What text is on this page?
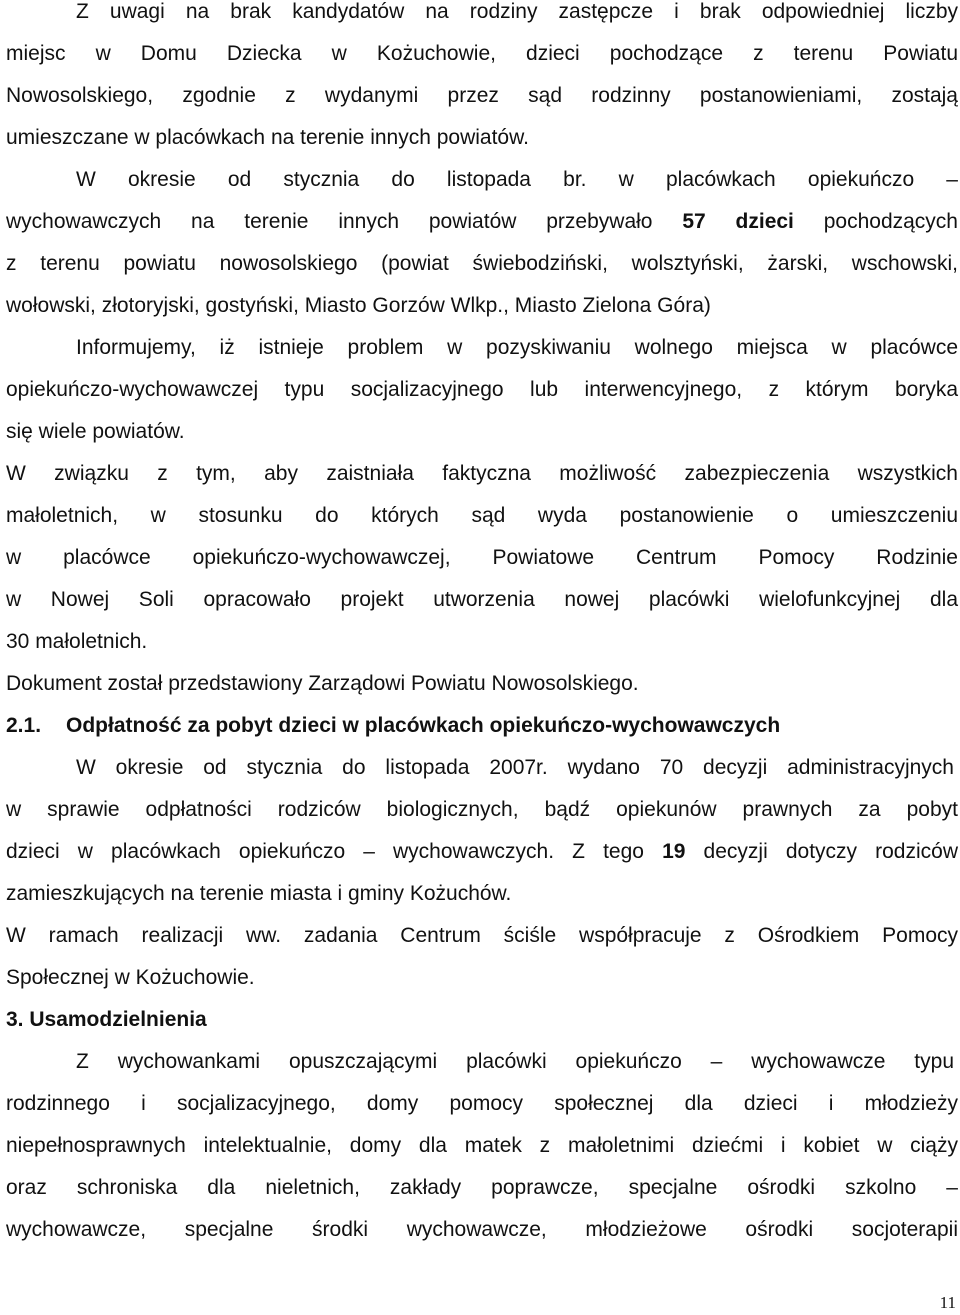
Z uwagi na brak kandydatów na rodziny zastępcze i brak odpowiedniej liczby
miejsc w Domu Dziecka w Kożuchowie, dzieci pochodzące z terenu Powiatu
Nowosolskiego, zgodnie z wydanymi przez sąd rodzinny postanowieniami, zostają
umieszczane w placówkach na terenie innych powiatów.
W okresie od stycznia do listopada br. w placówkach opiekuńczo –
wychowawczych na terenie innych powiatów przebywało 57 dzieci pochodzących
z terenu powiatu nowosolskiego (powiat świebodziński, wolsztyński, żarski, wschowski,
wołowski, złotoryjski, gostyński, Miasto Gorzów Wlkp., Miasto Zielona Góra)
Informujemy, iż istnieje problem w pozyskiwaniu wolnego miejsca w placówce
opiekuńczo-wychowawczej typu socjalizacyjnego lub interwencyjnego, z którym boryka
się wiele powiatów.
W związku z tym, aby zaistniała faktyczna możliwość zabezpieczenia wszystkich
małoletnich, w stosunku do których sąd wyda postanowienie o umieszczeniu
w placówce opiekuńczo-wychowawczej, Powiatowe Centrum Pomocy Rodzinie
w Nowej Soli opracowało projekt utworzenia nowej placówki wielofunkcyjnej dla
30 małoletnich.
Dokument został przedstawiony Zarządowi Powiatu Nowosolskiego.
2.1. Odpłatność za pobyt dzieci w placówkach opiekuńczo-wychowawczych
W okresie od stycznia do listopada 2007r. wydano 70 decyzji administracyjnych
w sprawie odpłatności rodziców biologicznych, bądź opiekunów prawnych za pobyt
dzieci w placówkach opiekuńczo – wychowawczych. Z tego 19 decyzji dotyczy rodziców
zamieszkujących na terenie miasta i gminy Kożuchów.
W ramach realizacji ww. zadania Centrum ściśle współpracuje z Ośrodkiem Pomocy
Społecznej w Kożuchowie.
3. Usamodzielnienia
Z wychowankami opuszczającymi placówki opiekuńczo – wychowawcze typu
rodzinnego i socjalizacyjnego, domy pomocy społecznej dla dzieci i młodzieży
niepełnosprawnych intelektualnie, domy dla matek z małoletnimi dziećmi i kobiet w ciąży
oraz schroniska dla nieletnich, zakłady poprawcze, specjalne ośrodki szkolno –
wychowawcze, specjalne środki wychowawcze, młodzieżowe ośrodki socjoterapii
11
